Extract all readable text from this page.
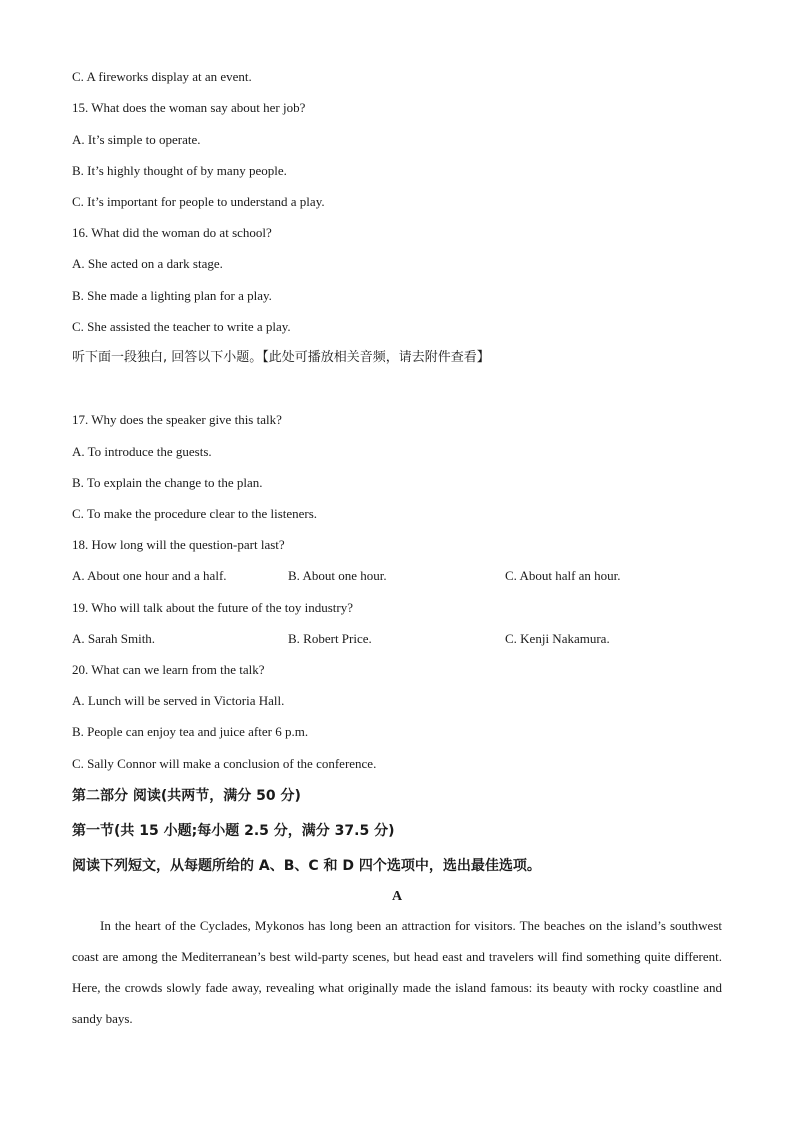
C. A fireworks display at an event.
15. What does the woman say about her job?
A. It’s simple to operate.
B. It’s highly thought of by many people.
C. It’s important for people to understand a play.
16. What did the woman do at school?
A. She acted on a dark stage.
B. She made a lighting plan for a play.
C. She assisted the teacher to write a play.
听下面一段独白, 回答以下小题。【此处可播放相关音频，请去附件查看】
17. Why does the speaker give this talk?
A. To introduce the guests.
B. To explain the change to the plan.
C. To make the procedure clear to the listeners.
18. How long will the question-part last?
A. About one hour and a half.	B. About one hour.	C. About half an hour.
19. Who will talk about the future of the toy industry?
A. Sarah Smith.	B. Robert Price.	C. Kenji Nakamura.
20. What can we learn from the talk?
A. Lunch will be served in Victoria Hall.
B. People can enjoy tea and juice after 6 p.m.
C. Sally Connor will make a conclusion of the conference.
第二部分 阅读(共两节，满分 50 分)
第一节(共 15 小题;每小题 2.5 分，满分 37.5 分)
阅读下列短文，从每题所给的 A、B、C 和 D 四个选项中，选出最佳选项。
A
In the heart of the Cyclades, Mykonos has long been an attraction for visitors. The beaches on the island’s southwest coast are among the Mediterranean’s best wild-party scenes, but head east and travelers will find something quite different. Here, the crowds slowly fade away, revealing what originally made the island famous: its beauty with rocky coastline and sandy bays.
